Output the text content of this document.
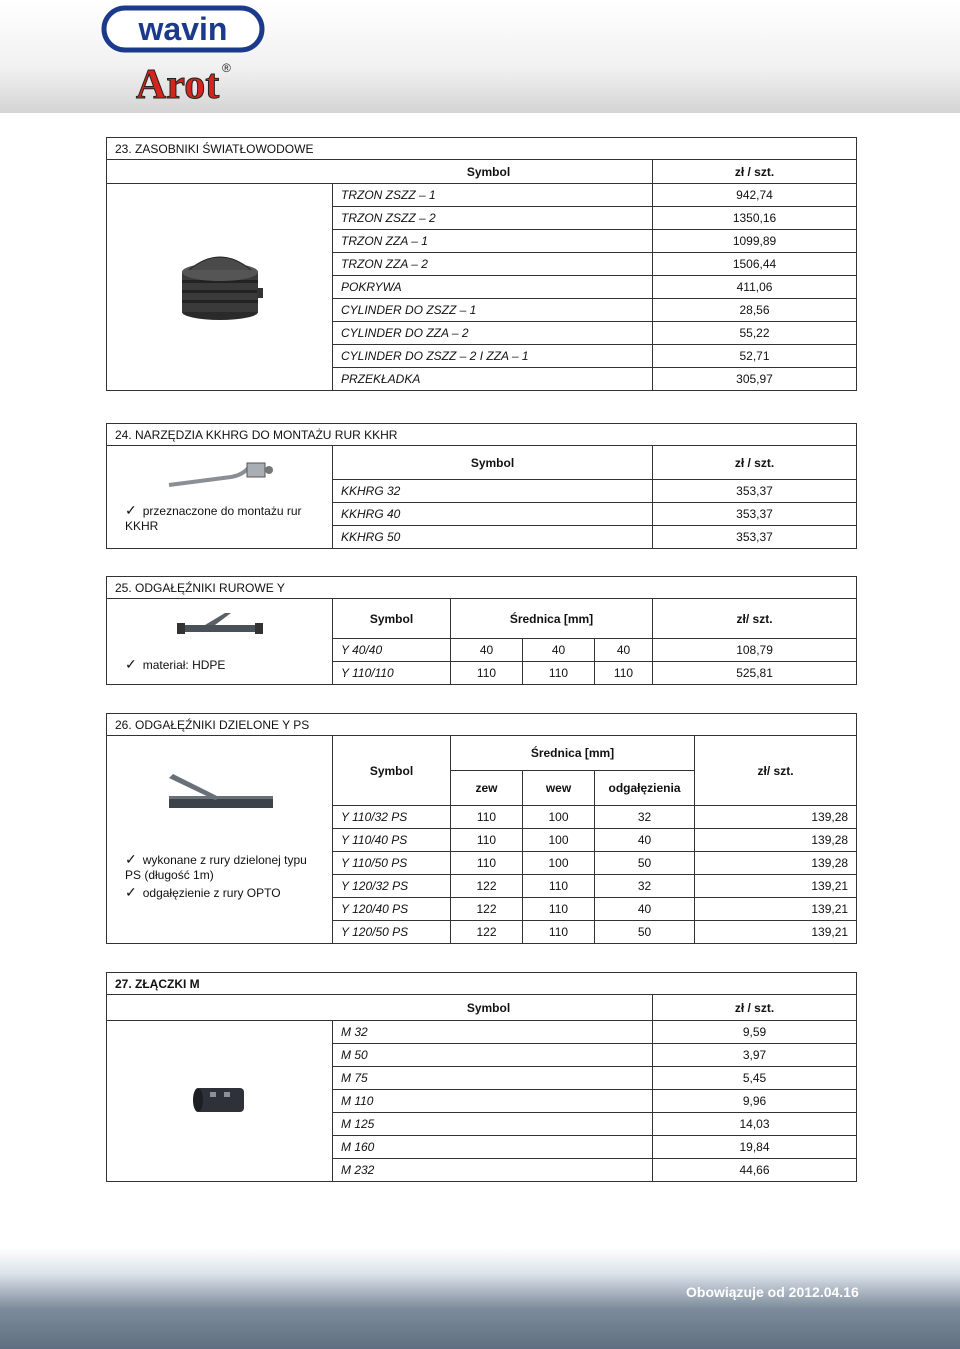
wavin
Arot ®
23. ZASOBNIKI ŚWIATŁOWODOWE		
Symbol		zł / szt.
	TRZON ZSZZ – 1	942,74
	TRZON ZSZZ – 2	1350,16
	TRZON ZZA – 1	1099,89
	TRZON ZZA – 2	1506,44
	POKRYWA	411,06
	CYLINDER DO ZSZZ – 1	28,56
	CYLINDER DO ZZA – 2	55,22
	CYLINDER DO ZSZZ – 2 I ZZA – 1	52,71
	PRZEKŁADKA	305,97
24. NARZĘDZIA KKHRG DO MONTAŻU RUR KKHR		

✓ przeznaczone do montażu rur KKHR	Symbol	zł / szt.
	KKHRG 32	353,37
	KKHRG 40	353,37
	KKHRG 50	353,37
25. ODGAŁĘŹNIKI RUROWE Y					

✓ materiał: HDPE	Symbol	Średnica [mm]			zł/ szt.
	Y 40/40	40	40	40	108,79
	Y 110/110	110	110	110	525,81
26. ODGAŁĘŹNIKI DZIELONE Y PS					

✓ wykonane z rury dzielonej typu PS (długość 1m)
✓ odgałęzienie z rury OPTO	Symbol	Średnica [mm]			zł/ szt.
		zew	wew	odgałęzienia	
	Y 110/32 PS	110	100	32	139,28
	Y 110/40 PS	110	100	40	139,28
	Y 110/50 PS	110	100	50	139,28
	Y 120/32 PS	122	110	32	139,21
	Y 120/40 PS	122	110	40	139,21
	Y 120/50 PS	122	110	50	139,21
27. ZŁĄCZKI M		
Symbol		zł / szt.
	M 32	9,59
	M 50	3,97
	M 75	5,45
	M 110	9,96
	M 125	14,03
	M 160	19,84
	M 232	44,66
Obowiązuje od 2012.04.16
